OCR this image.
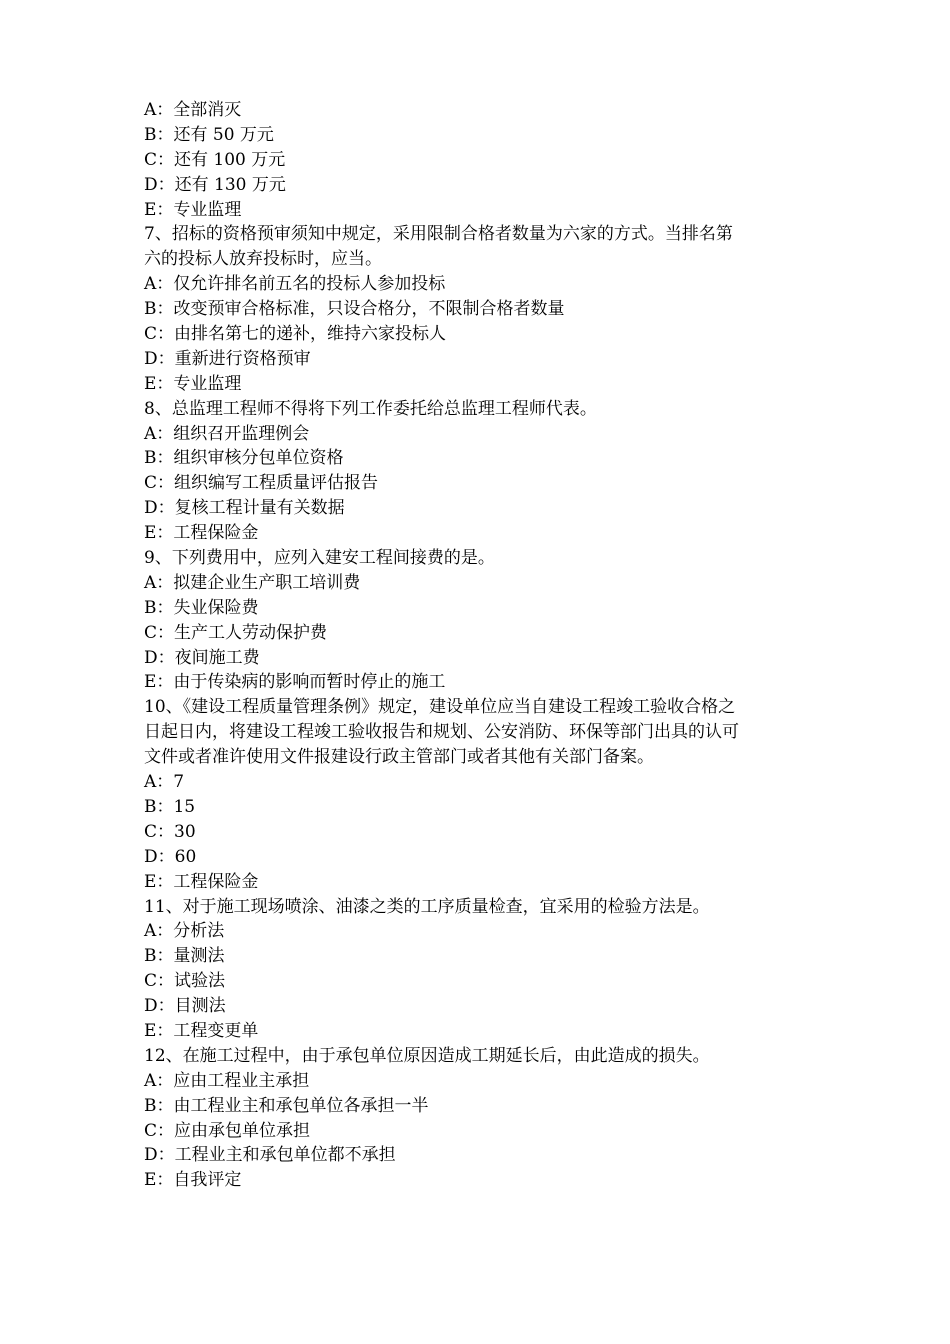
A：全部消灭
B：还有 50 万元
C：还有 100 万元
D：还有 130 万元
E：专业监理
7、招标的资格预审须知中规定，采用限制合格者数量为六家的方式。当排名第
六的投标人放弃投标时，应当。
A：仅允许排名前五名的投标人参加投标
B：改变预审合格标准，只设合格分，不限制合格者数量
C：由排名第七的递补，维持六家投标人
D：重新进行资格预审
E：专业监理
8、总监理工程师不得将下列工作委托给总监理工程师代表。
A：组织召开监理例会
B：组织审核分包单位资格
C：组织编写工程质量评估报告
D：复核工程计量有关数据
E：工程保险金
9、下列费用中，应列入建安工程间接费的是。
A：拟建企业生产职工培训费
B：失业保险费
C：生产工人劳动保护费
D：夜间施工费
E：由于传染病的影响而暂时停止的施工
10、《建设工程质量管理条例》规定，建设单位应当自建设工程竣工验收合格之
日起日内，将建设工程竣工验收报告和规划、公安消防、环保等部门出具的认可
文件或者准许使用文件报建设行政主管部门或者其他有关部门备案。
A：7
B：15
C：30
D：60
E：工程保险金
11、对于施工现场喷涂、油漆之类的工序质量检查，宜采用的检验方法是。
A：分析法
B：量测法
C：试验法
D：目测法
E：工程变更单
12、在施工过程中，由于承包单位原因造成工期延长后，由此造成的损失。
A：应由工程业主承担
B：由工程业主和承包单位各承担一半
C：应由承包单位承担
D：工程业主和承包单位都不承担
E：自我评定
